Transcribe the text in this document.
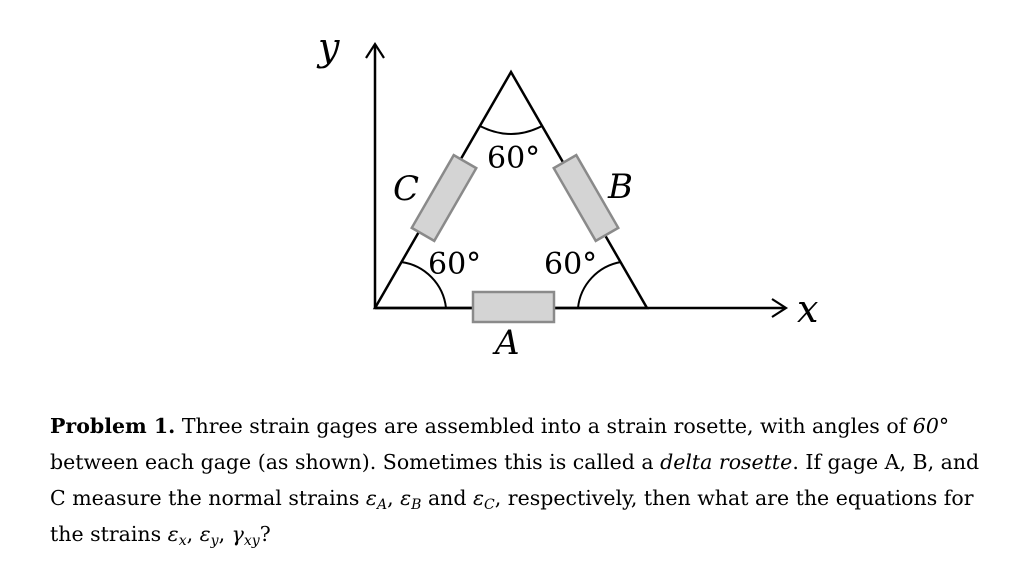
y
x
A
B
C
60°
60° 60°

Problem 1. Three strain gages are assembled into a strain rosette, with angles of 60° between each gage (as shown). Sometimes this is called a delta rosette. If gage A, B, and C measure the normal strains $\varepsilon_A$, $\varepsilon_B$ and $\varepsilon_C$, respectively, then what are the equations for the strains $\varepsilon_x$, $\varepsilon_y$, $\gamma_{xy}$?
